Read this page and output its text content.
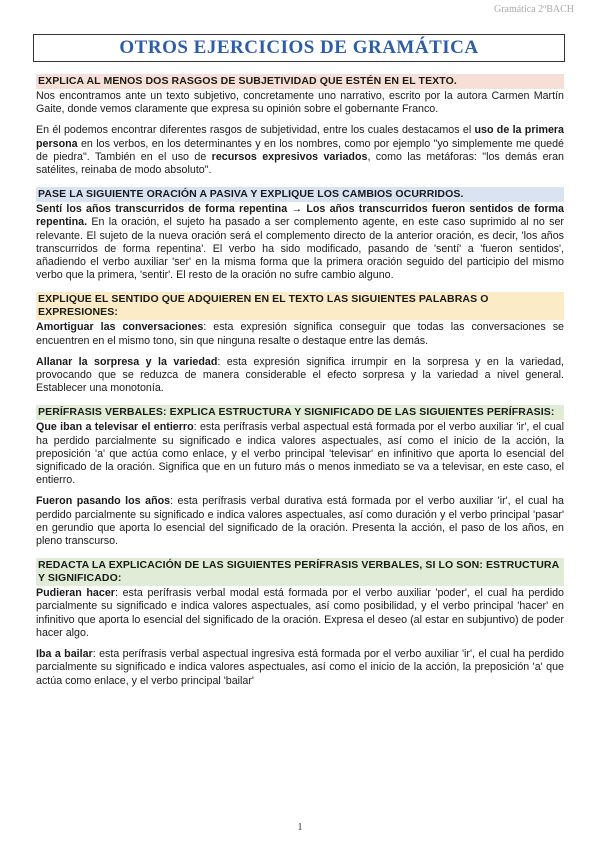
Gramática 2ºBACH
OTROS EJERCICIOS DE GRAMÁTICA
EXPLICA AL MENOS DOS RASGOS DE SUBJETIVIDAD QUE ESTÉN EN EL TEXTO.

Nos encontramos ante un texto subjetivo, concretamente uno narrativo, escrito por la autora Carmen Martín Gaite, donde vemos claramente que expresa su opinión sobre el gobernante Franco.

En él podemos encontrar diferentes rasgos de subjetividad, entre los cuales destacamos el uso de la primera persona en los verbos, en los determinantes y en los nombres, como por ejemplo "yo simplemente me quedé de piedra". También en el uso de recursos expresivos variados, como las metáforas: "los demás eran satélites, reinaba de modo absoluto".

PASE LA SIGUIENTE ORACIÓN A PASIVA Y EXPLIQUE LOS CAMBIOS OCURRIDOS.

Sentí los años transcurridos de forma repentina → Los años transcurridos fueron sentidos de forma repentina. En la oración, el sujeto ha pasado a ser complemento agente, en este caso suprimido al no ser relevante. El sujeto de la nueva oración será el complemento directo de la anterior oración, es decir, 'los años transcurridos de forma repentina'. El verbo ha sido modificado, pasando de 'sentí' a 'fueron sentidos', añadiendo el verbo auxiliar 'ser' en la misma forma que la primera oración seguido del participio del mismo verbo que la primera, 'sentir'. El resto de la oración no sufre cambio alguno.

EXPLIQUE EL SENTIDO QUE ADQUIEREN EN EL TEXTO LAS SIGUIENTES PALABRAS O EXPRESIONES:

Amortiguar las conversaciones: esta expresión significa conseguir que todas las conversaciones se encuentren en el mismo tono, sin que ninguna resalte o destaque entre las demás.

Allanar la sorpresa y la variedad: esta expresión significa irrumpir en la sorpresa y en la variedad, provocando que se reduzca de manera considerable el efecto sorpresa y la variedad a nivel general. Establecer una monotonía.

PERÍFRASIS VERBALES: EXPLICA ESTRUCTURA Y SIGNIFICADO DE LAS SIGUIENTES PERÍFRASIS:

Que iban a televisar el entierro: esta perífrasis verbal aspectual está formada por el verbo auxiliar 'ir', el cual ha perdido parcialmente su significado e indica valores aspectuales, así como el inicio de la acción, la preposición 'a' que actúa como enlace, y el verbo principal 'televisar' en infinitivo que aporta lo esencial del significado de la oración. Significa que en un futuro más o menos inmediato se va a televisar, en este caso, el entierro.

Fueron pasando los años: esta perífrasis verbal durativa está formada por el verbo auxiliar 'ir', el cual ha perdido parcialmente su significado e indica valores aspectuales, así como duración y el verbo principal 'pasar' en gerundio que aporta lo esencial del significado de la oración. Presenta la acción, el paso de los años, en pleno transcurso.

REDACTA LA EXPLICACIÓN DE LAS SIGUIENTES PERÍFRASIS VERBALES, SI LO SON: ESTRUCTURA Y SIGNIFICADO:

Pudieran hacer: esta perífrasis verbal modal está formada por el verbo auxiliar 'poder', el cual ha perdido parcialmente su significado e indica valores aspectuales, así como posibilidad, y el verbo principal 'hacer' en infinitivo que aporta lo esencial del significado de la oración. Expresa el deseo (al estar en subjuntivo) de poder hacer algo.

Iba a bailar: esta perífrasis verbal aspectual ingresiva está formada por el verbo auxiliar 'ir', el cual ha perdido parcialmente su significado e indica valores aspectuales, así como el inicio de la acción, la preposición 'a' que actúa como enlace, y el verbo principal 'bailar'

1
